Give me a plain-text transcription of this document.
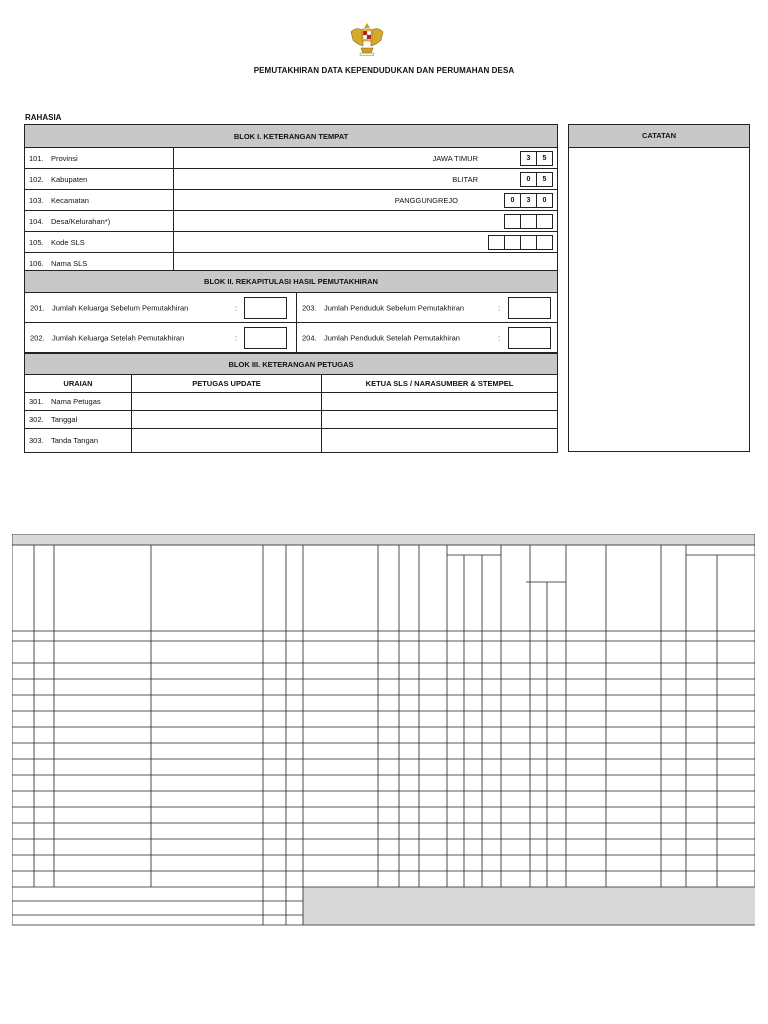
PEMUTAKHIRAN DATA KEPENDUDUKAN DAN PERUMAHAN DESA
RAHASIA
BLOK I. KETERANGAN TEMPAT	
101. Provinsi	JAWA TIMUR 3 5

102. Kabupaten	BLITAR 0 5

103. Kecamatan	PANGGUNGREJO 0 3 0

104. Desa/Kelurahan*)	

105. Kode SLS	

106. Nama SLS	
BLOK II. REKAPITULASI HASIL PEMUTAKHIRAN	

201. Jumlah Keluarga Sebelum Pemutakhiran :	203. Jumlah Penduduk Sebelum Pemutakhiran :

202. Jumlah Keluarga Setelah Pemutakhiran :	204. Jumlah Penduduk Setelah Pemutakhiran :
BLOK III. KETERANGAN PETUGAS		
URAIAN	PETUGAS UPDATE	KETUA SLS / NARASUMBER & STEMPEL
301. Nama Petugas		
302. Tanggal		
303. Tanda Tangan		
CATATAN
